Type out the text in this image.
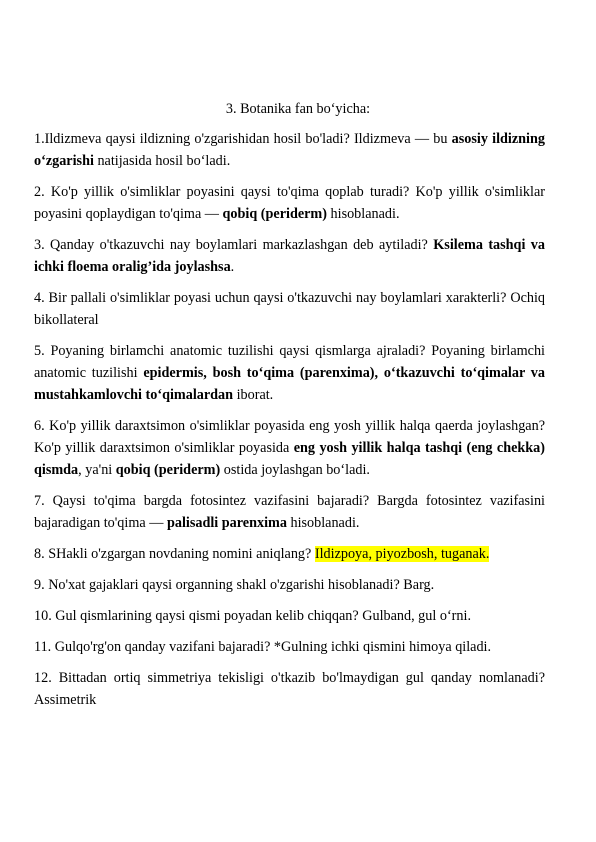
3. Botanika fan bo‘yicha:

1.Ildizmeva qaysi ildizning o'zgarishidan hosil bo'ladi? Ildizmeva — bu asosiy ildizning o‘zgarishi natijasida hosil bo‘ladi.

2. Ko'p yillik o'simliklar poyasini qaysi to'qima qoplab turadi? Ko'p yillik o'simliklar poyasini qoplaydigan to'qima — qobiq (periderm) hisoblanadi.

3. Qanday o'tkazuvchi nay boylamlari markazlashgan deb aytiladi? Ksilema tashqi va ichki floema oralig’ida joylashsa.

4. Bir pallali o'simliklar poyasi uchun qaysi o'tkazuvchi nay boylamlari xarakterli? Ochiq bikollateral

5. Poyaning birlamchi anatomic tuzilishi qaysi qismlarga ajraladi? Poyaning birlamchi anatomic tuzilishi epidermis, bosh to‘qima (parenxima), o‘tkazuvchi to‘qimalar va mustahkamlovchi to‘qimalardan iborat.

6. Ko'p yillik daraxtsimon o'simliklar poyasida eng yosh yillik halqa qaerda joylashgan? Ko'p yillik daraxtsimon o'simliklar poyasida eng yosh yillik halqa tashqi (eng chekka) qismda, ya'ni qobiq (periderm) ostida joylashgan bo‘ladi.

7. Qaysi to'qima bargda fotosintez vazifasini bajaradi? Bargda fotosintez vazifasini bajaradigan to'qima — palisadli parenxima hisoblanadi.

8. SHakli o'zgargan novdaning nomini aniqlang? Ildizpoya, piyozbosh, tuganak.

9. No'xat gajaklari qaysi organning shakl o'zgarishi hisoblanadi? Barg.

10. Gul qismlarining qaysi qismi poyadan kelib chiqqan? Gulband, gul o‘rni.

11. Gulqo'rg'on qanday vazifani bajaradi? *Gulning ichki qismini himoya qiladi.

12. Bittadan ortiq simmetriya tekisligi o'tkazib bo'lmaydigan gul qanday nomlanadi? Assimetrik
